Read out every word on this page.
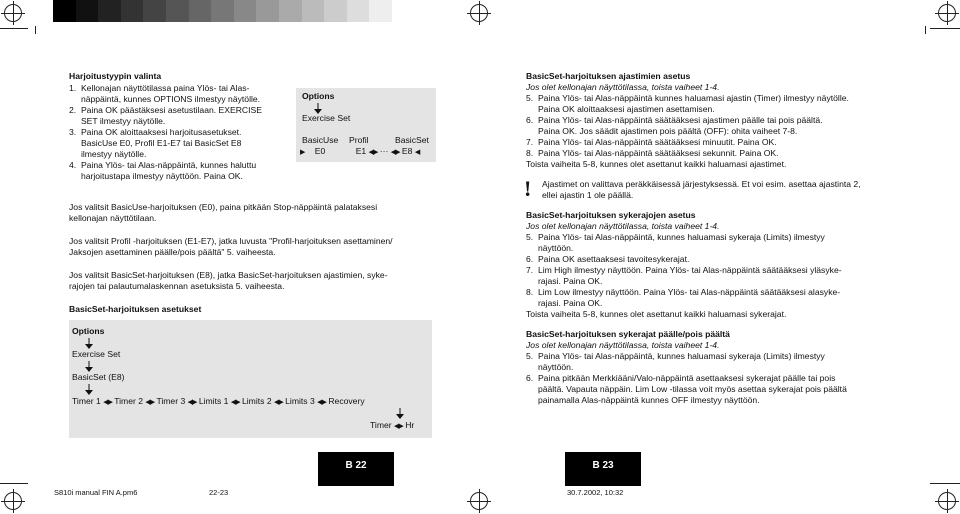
Harjoitustyypin valinta
1.  Kellonajan näyttötilassa paina Ylös- tai Alas-
näppäintä, kunnes OPTIONS ilmestyy näytölle.
2.  Paina OK päästäksesi asetustilaan. EXERCISE
SET ilmestyy näytölle.
3.  Paina OK aloittaaksesi harjoitusasetukset.
BasicUse E0, Profil E1-E7 tai BasicSet E8
ilmestyy näytölle.
4.  Paina Ylös- tai Alas-näppäintä, kunnes haluttu
harjoitustapa ilmestyy näyttöön. Paina OK.
Options
Exercise Set
BasicUse Profil	BasicSet
▶ E0	E1 ◀▶ ··· ◀▶ E8 ◀
Jos valitsit BasicUse-harjoituksen (E0), paina pitkään Stop-näppäintä palataksesi
kellonajan näyttötilaan.
Jos valitsit Profil -harjoituksen (E1-E7), jatka luvusta "Profil-harjoituksen asettaminen/
Jaksojen asettaminen päälle/pois päältä" 5. vaiheesta.
Jos valitsit BasicSet-harjoituksen (E8), jatka BasicSet-harjoituksen ajastimien, syke-
rajojen tai palautumalaskennan asetuksista 5. vaiheesta.
BasicSet-harjoituksen asetukset
Options
Exercise Set
BasicSet (E8)
Timer 1 ◀▶ Timer 2 ◀▶ Timer 3 ◀▶ Limits 1 ◀▶ Limits 2 ◀▶ Limits 3 ◀▶ Recovery
Timer ◀▶ Hr
BasicSet-harjoituksen ajastimien asetus
Jos olet kellonajan näyttötilassa, toista vaiheet 1-4.
5.  Paina Ylös- tai Alas-näppäintä kunnes haluamasi ajastin (Timer) ilmestyy näytölle.
Paina OK aloittaaksesi ajastimen asettamisen.
6.  Paina Ylös- tai Alas-näppäintä säätääksesi ajastimen päälle tai pois päältä.
Paina OK. Jos säädit ajastimen pois päältä (OFF): ohita vaiheet 7-8.
7.  Paina Ylös- tai Alas-näppäintä säätääksesi minuutit. Paina OK.
8.  Paina Ylös- tai Alas-näppäintä säätääksesi sekunnit. Paina OK.
Toista vaiheita 5-8, kunnes olet asettanut kaikki haluamasi ajastimet.
! Ajastimet on valittava peräkkäisessä järjestyksessä. Et voi esim. asettaa ajastinta 2,
ellei ajastin 1 ole päällä.
BasicSet-harjoituksen sykerajojen asetus
Jos olet kellonajan näyttötilassa, toista vaiheet 1-4.
5.  Paina Ylös- tai Alas-näppäintä, kunnes haluamasi sykeraja (Limits) ilmestyy
näyttöön.
6.  Paina OK asettaaksesi tavoitesykerajat.
7.  Lim High ilmestyy näyttöön. Paina Ylös- tai Alas-näppäintä säätääksesi yläsyke-
rajasi. Paina OK.
8.  Lim Low ilmestyy näyttöön. Paina Ylös- tai Alas-näppäintä säätääksesi alasyke-
rajasi. Paina OK.
Toista vaiheita 5-8, kunnes olet asettanut kaikki haluamasi sykerajat.
BasicSet-harjoituksen sykerajat päälle/pois päältä
Jos olet kellonajan näyttötilassa, toista vaiheet 1-4.
5.  Paina Ylös- tai Alas-näppäintä, kunnes haluamasi sykeraja (Limits) ilmestyy
näyttöön.
6.  Paina pitkään Merkkiääni/Valo-näppäintä asettaaksesi sykerajat päälle tai pois
päältä. Vapauta näppäin. Lim Low -tilassa voit myös asettaa sykerajat pois päältä
painamalla Alas-näppäintä kunnes OFF ilmestyy näyttöön.
B 22	B 23
S810i manual FIN A.pm6	22-23	30.7.2002, 10:32
